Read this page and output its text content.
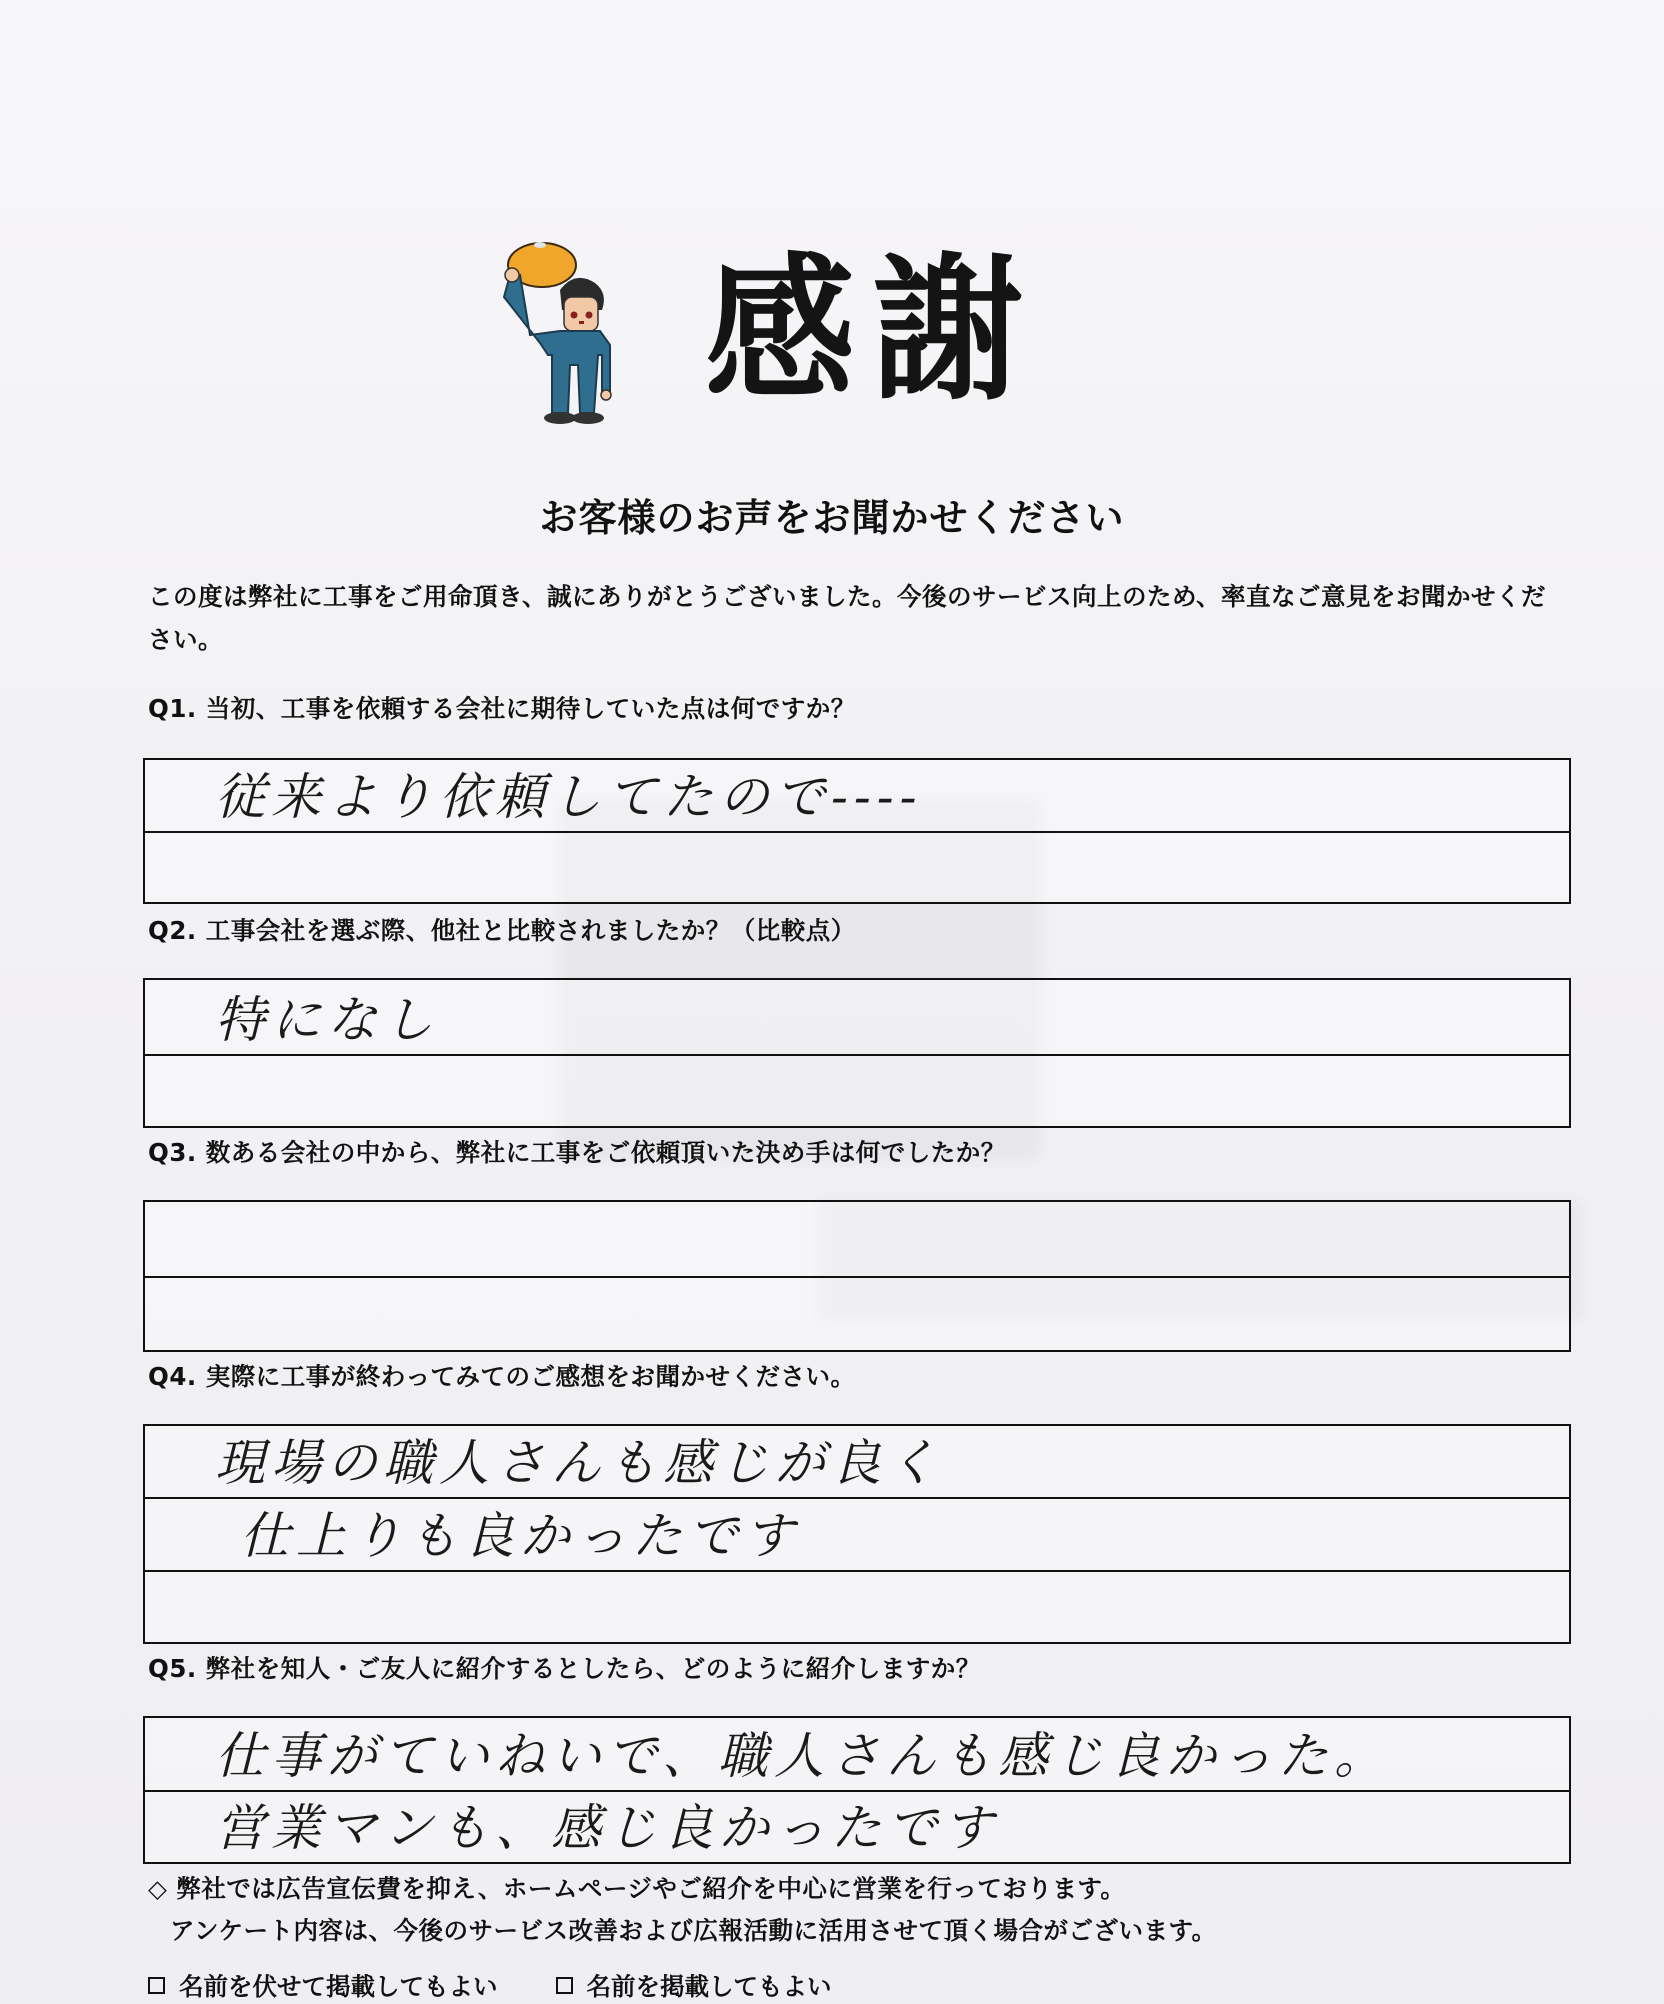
感謝
お客様のお声をお聞かせください
この度は弊社に工事をご用命頂き、誠にありがとうございました。今後のサービス向上のため、率直なご意見をお聞かせください。
Q1. 当初、工事を依頼する会社に期待していた点は何ですか？
従来より依頼してたので‐‐‐‐
Q2. 工事会社を選ぶ際、他社と比較されましたか？（比較点）
特になし
Q3. 数ある会社の中から、弊社に工事をご依頼頂いた決め手は何でしたか？
Q4. 実際に工事が終わってみてのご感想をお聞かせください。
現場の職人さんも感じが良く
仕上りも良かったです
Q5. 弊社を知人・ご友人に紹介するとしたら、どのように紹介しますか？
仕事がていねいで、職人さんも感じ良かった。
営業マンも、感じ良かったです
◇ 弊社では広告宣伝費を抑え、ホームページやご紹介を中心に営業を行っております。
アンケート内容は、今後のサービス改善および広報活動に活用させて頂く場合がございます。
名前を伏せて掲載してもよい	名前を掲載してもよい
